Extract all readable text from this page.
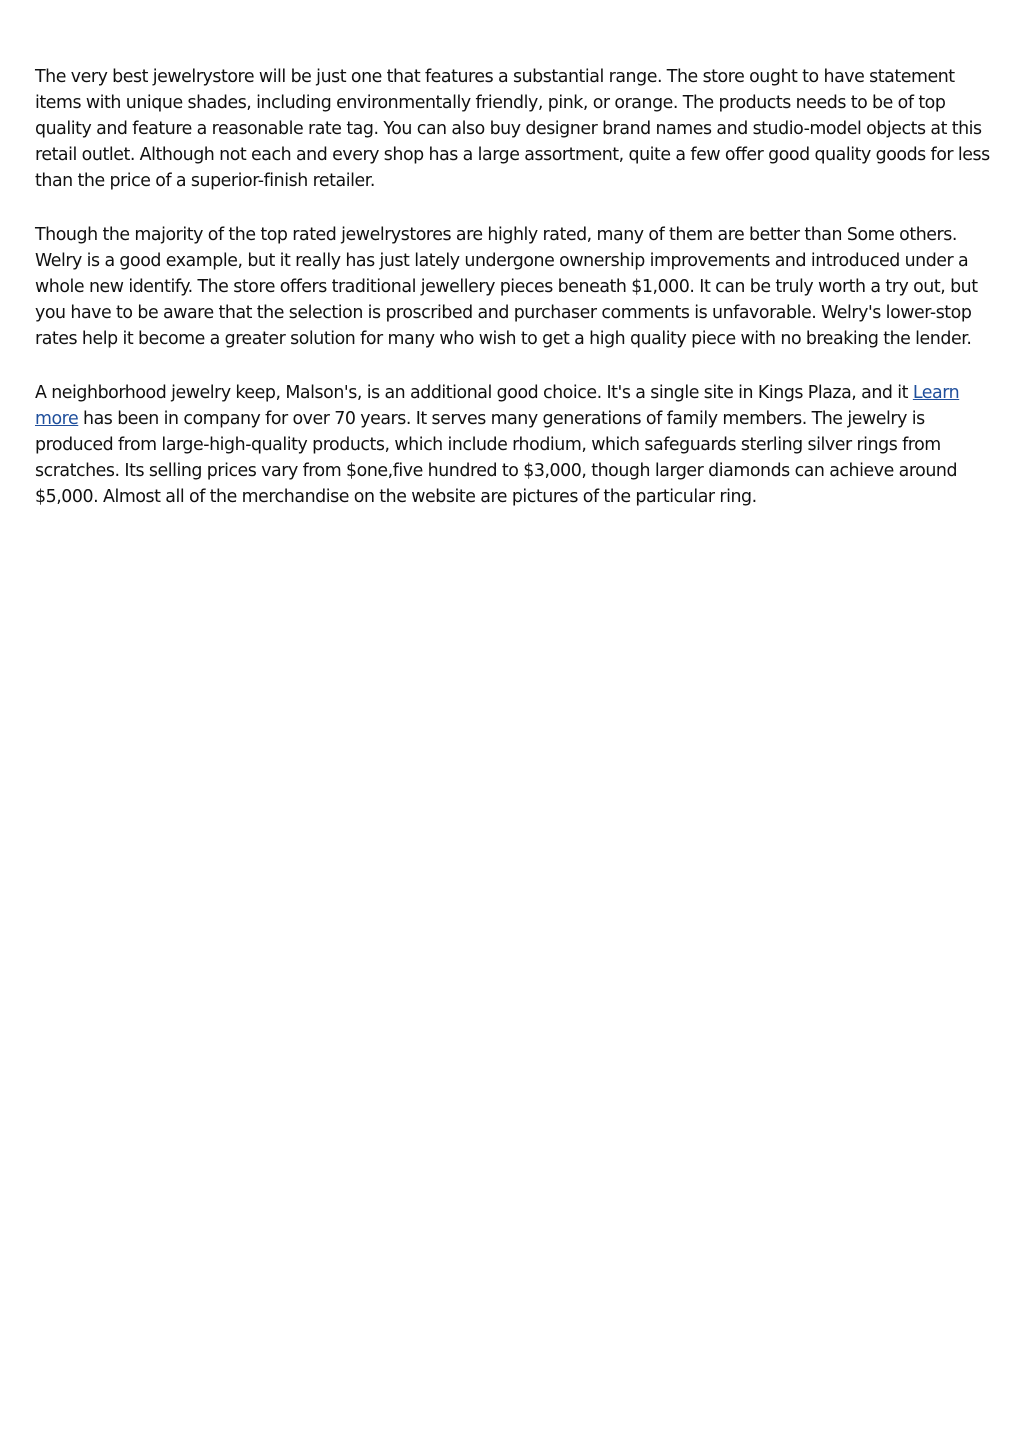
The very best jewelrystore will be just one that features a substantial range. The store ought to have statement items with unique shades, including environmentally friendly, pink, or orange. The products needs to be of top quality and feature a reasonable rate tag. You can also buy designer brand names and studio-model objects at this retail outlet. Although not each and every shop has a large assortment, quite a few offer good quality goods for less than the price of a superior-finish retailer.

Though the majority of the top rated jewelrystores are highly rated, many of them are better than Some others. Welry is a good example, but it really has just lately undergone ownership improvements and introduced under a whole new identify. The store offers traditional jewellery pieces beneath $1,000. It can be truly worth a try out, but you have to be aware that the selection is proscribed and purchaser comments is unfavorable. Welry's lower-stop rates help it become a greater solution for many who wish to get a high quality piece with no breaking the lender.

A neighborhood jewelry keep, Malson's, is an additional good choice. It's a single site in Kings Plaza, and it Learn more has been in company for over 70 years. It serves many generations of family members. The jewelry is produced from large-high-quality products, which include rhodium, which safeguards sterling silver rings from scratches. Its selling prices vary from $one,five hundred to $3,000, though larger diamonds can achieve around $5,000. Almost all of the merchandise on the website are pictures of the particular ring.
